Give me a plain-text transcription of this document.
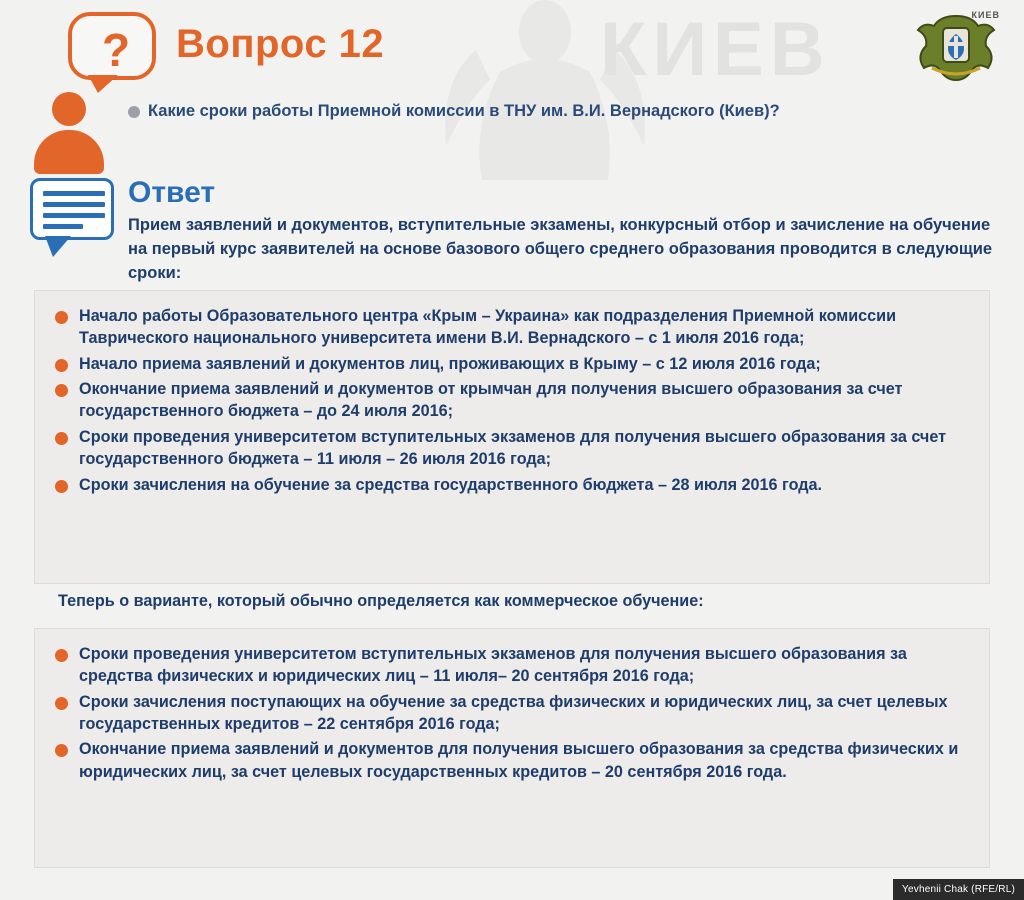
КИЕВ
?	Вопрос 12
Какие сроки работы Приемной комиссии в ТНУ им. В.И. Вернадского (Киев)?
КИЕВ
Ответ
Прием заявлений и документов, вступительные экзамены, конкурсный отбор и зачисление на обучение на первый курс заявителей на основе базового общего среднего образования проводится в следующие сроки:
Начало работы Образовательного центра «Крым – Украина» как подразделения Приемной комиссии Таврического национального университета имени В.И. Вернадского – с 1 июля 2016 года;
Начало приема заявлений и документов лиц, проживающих в Крыму – с 12 июля 2016 года;
Окончание приема заявлений и документов от крымчан для получения высшего образования за счет государственного бюджета – до 24 июля 2016;
Сроки проведения университетом вступительных экзаменов для получения высшего образования за счет государственного бюджета – 11 июля – 26 июля 2016 года;
Сроки зачисления на обучение за средства государственного бюджета – 28 июля 2016 года.
Теперь о варианте, который обычно определяется как коммерческое обучение:
Сроки проведения университетом вступительных экзаменов для получения высшего образования за средства физических и юридических лиц – 11 июля– 20 сентября 2016 года;
Сроки зачисления поступающих на обучение за средства физических и юридических лиц, за счет целевых государственных кредитов – 22 сентября 2016 года;
Окончание приема заявлений и документов для получения высшего образования за средства физических и юридических лиц, за счет целевых государственных кредитов – 20 сентября 2016 года.
Yevhenii Chak (RFE/RL)
